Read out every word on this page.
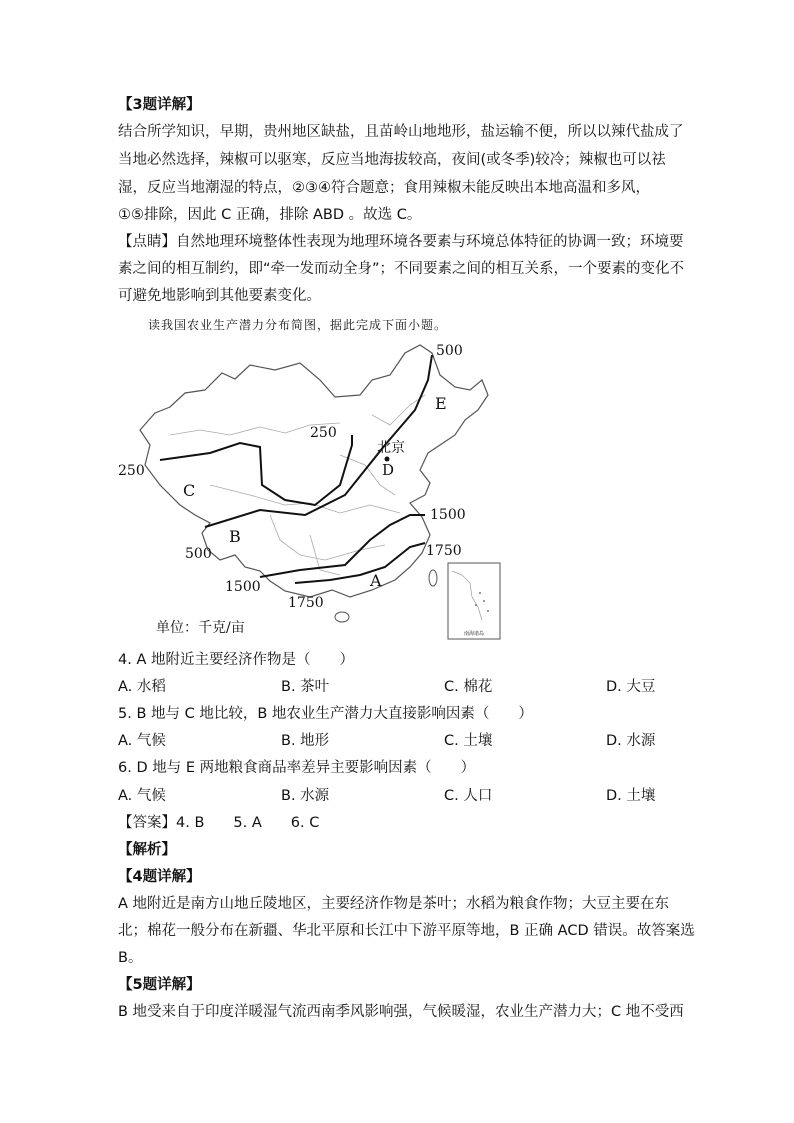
【3题详解】
结合所学知识，早期，贵州地区缺盐，且苗岭山地地形，盐运输不便，所以以辣代盐成了
当地必然选择，辣椒可以驱寒，反应当地海拔较高，夜间(或冬季)较冷；辣椒也可以祛
湿，反应当地潮湿的特点，②③④符合题意；食用辣椒未能反映出本地高温和多风，
①⑤排除，因此 C 正确，排除 ABD 。故选 C。
【点睛】自然地理环境整体性表现为地理环境各要素与环境总体特征的协调一致；环境要
素之间的相互制约，即“牵一发而动全身”；不同要素之间的相互关系，一个要素的变化不
可避免地影响到其他要素变化。
读我国农业生产潜力分布简图，据此完成下面小题。
南海诸岛
500
E
250
北京
D
250
C
B
1500
500	1750
A
1500
1750
单位：千克/亩
4. A 地附近主要经济作物是（　　）
A. 水稻	B. 茶叶	C. 棉花	D. 大豆
5. B 地与 C 地比较，B 地农业生产潜力大直接影响因素（　　）
A. 气候	B. 地形	C. 土壤	D. 水源
6. D 地与 E 两地粮食商品率差异主要影响因素（　　）
A. 气候	B. 水源	C. 人口	D. 土壤
【答案】4. B　　5. A　　6. C
【解析】
【4题详解】
A 地附近是南方山地丘陵地区，主要经济作物是茶叶；水稻为粮食作物；大豆主要在东
北；棉花一般分布在新疆、华北平原和长江中下游平原等地，B 正确 ACD 错误。故答案选
B。
【5题详解】
B 地受来自于印度洋暖湿气流西南季风影响强，气候暖湿，农业生产潜力大；C 地不受西
